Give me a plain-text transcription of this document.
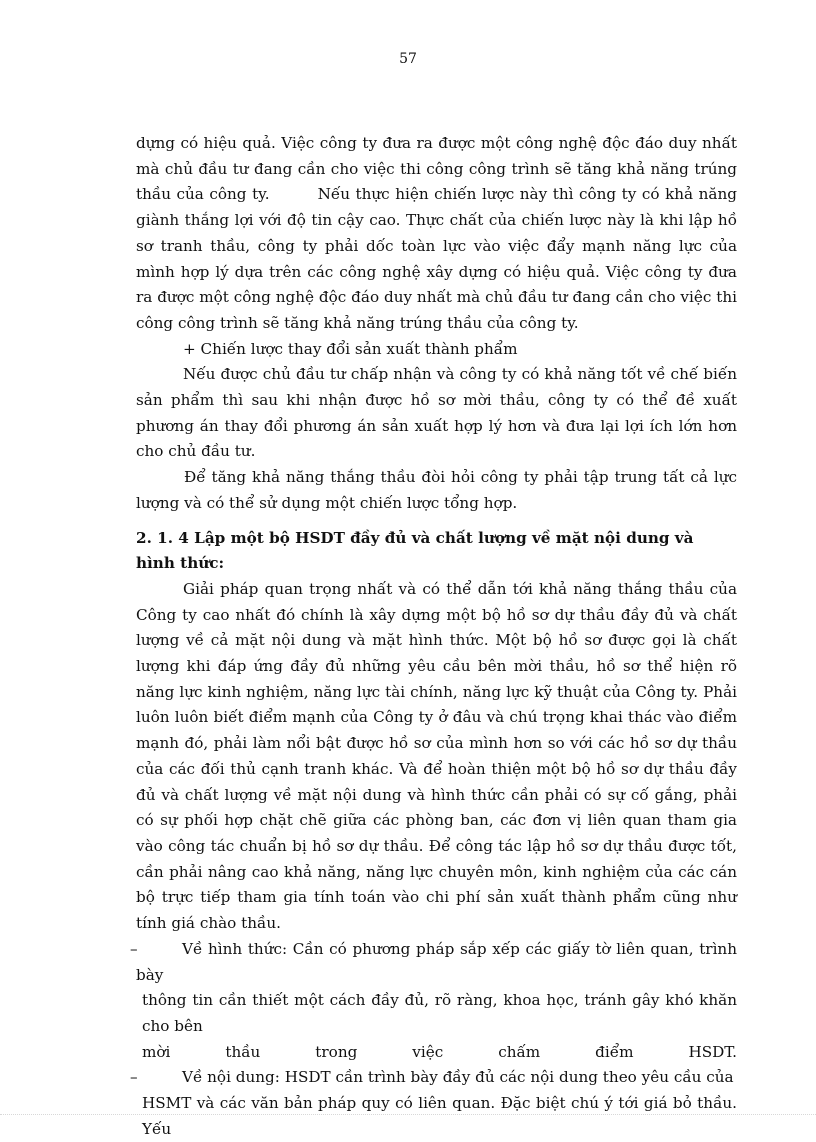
57

dựng có hiệu quả. Việc công ty đưa ra được một công nghệ độc đáo duy nhất mà chủ đầu tư đang cần cho việc thi công công trình sẽ tăng khả năng trúng thầu của công ty.	Nếu thực hiện chiến lược này thì công ty có khả năng giành thắng lợi với độ tin cậy cao. Thực chất của chiến lược này là khi lập hồ sơ tranh thầu, công ty phải dốc toàn lực vào việc đẩy mạnh năng lực của mình hợp lý dựa trên các công nghệ xây dựng có hiệu quả. Việc công ty đưa ra được một công nghệ độc đáo duy nhất mà chủ đầu tư đang cần cho việc thi công công trình sẽ tăng khả năng trúng thầu của công ty.

+ Chiến lược thay đổi sản xuất thành phẩm

Nếu được chủ đầu tư chấp nhận và công ty có khả năng tốt về chế biến sản phẩm thì sau khi nhận được hồ sơ mời thầu, công ty có thể đề xuất phương án thay đổi phương án sản xuất hợp lý hơn và đưa lại lợi ích lớn hơn cho chủ đầu tư.

Để tăng khả năng thắng thầu đòi hỏi công ty phải tập trung tất cả lực lượng và có thể sử dụng một chiến lược tổng hợp.

2. 1. 4 Lập một bộ HSDT đầy đủ và chất lượng về mặt nội dung và hình thức:

Giải pháp quan trọng nhất và có thể dẫn tới khả năng thắng thầu của Công ty cao nhất đó chính là xây dựng một bộ hồ sơ dự thầu đầy đủ và chất lượng về cả mặt nội dung và mặt hình thức. Một bộ hồ sơ được gọi là chất lượng khi đáp ứng đầy đủ những yêu cầu bên mời thầu, hồ sơ thể hiện rõ năng lực kinh nghiệm, năng lực tài chính, năng lực kỹ thuật của Công ty. Phải luôn luôn biết điểm mạnh của Công ty ở đâu và chú trọng khai thác vào điểm mạnh đó, phải làm nổi bật được hồ sơ của mình hơn so với các hồ sơ dự thầu của các đối thủ cạnh tranh khác. Và để hoàn thiện một bộ hồ sơ dự thầu đầy đủ và chất lượng về mặt nội dung và hình thức cần phải có sự cố gắng, phải có sự phối hợp chặt chẽ giữa các phòng ban, các đơn vị liên quan tham gia vào công tác chuẩn bị hồ sơ dự thầu. Để công tác lập hồ sơ dự thầu được tốt, cần phải nâng cao khả năng, năng lực chuyên môn, kinh nghiệm của các cán bộ trực tiếp tham gia tính toán vào chi phí sản xuất thành phẩm cũng như tính giá chào thầu.

–	Về hình thức: Cần có phương pháp sắp xếp các giấy tờ liên quan, trình bày

thông tin cần thiết một cách đầy đủ, rõ ràng, khoa học, tránh gây khó khăn cho bên

mời thầu trong việc chấm điểm HSDT.

–	Về nội dung: HSDT cần trình bày đầy đủ các nội dung theo yêu cầu của

HSMT và các văn bản pháp quy có liên quan. Đặc biệt chú ý tới giá bỏ thầu. Yếu
